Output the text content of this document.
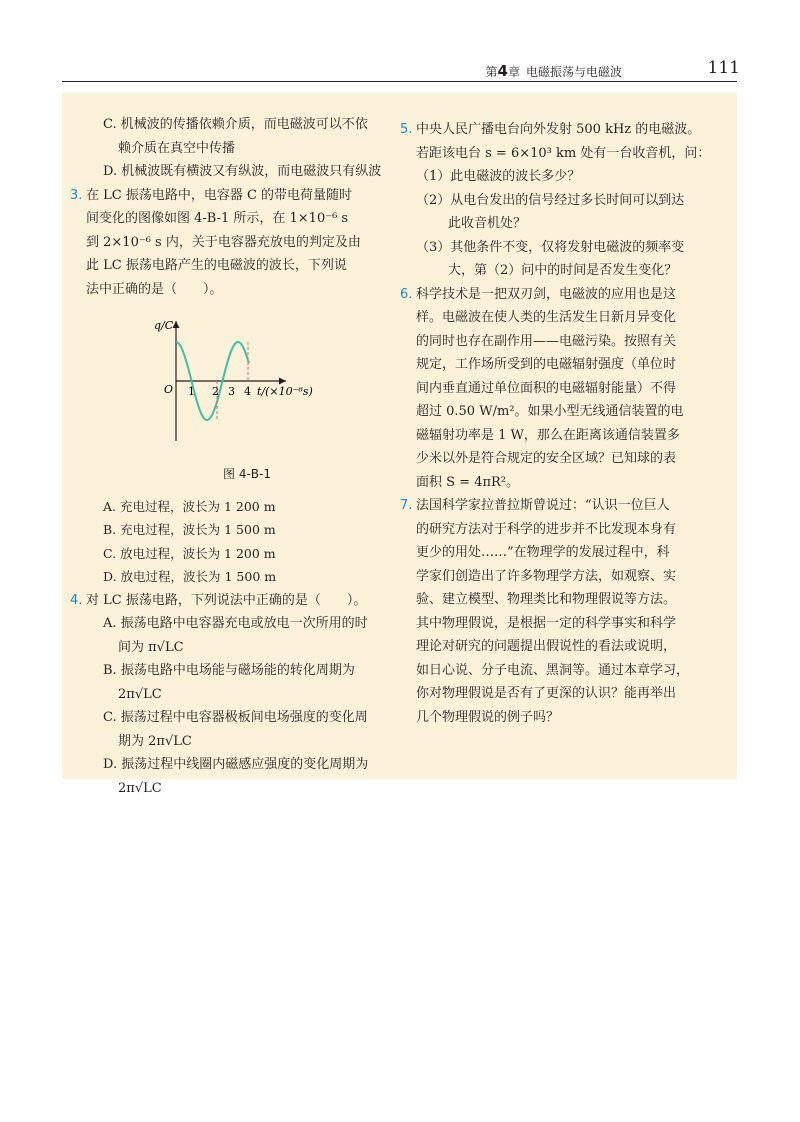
第4章 电磁振荡与电磁波	111
C. 机械波的传播依赖介质，而电磁波可以不依
赖介质在真空中传播
D. 机械波既有横波又有纵波，而电磁波只有纵波
3. 在 LC 振荡电路中，电容器 C 的带电荷量随时
间变化的图像如图 4-B-1 所示，在 1×10⁻⁶ s
到 2×10⁻⁶ s 内，关于电容器充放电的判定及由
此 LC 振荡电路产生的电磁波的波长，下列说
法中正确的是（　　）。
q/C
O 1 2 3 4 t/(×10⁻⁶s)
图 4-B-1
A. 充电过程，波长为 1 200 m
B. 充电过程，波长为 1 500 m
C. 放电过程，波长为 1 200 m
D. 放电过程，波长为 1 500 m
4. 对 LC 振荡电路，下列说法中正确的是（　　）。
A. 振荡电路中电容器充电或放电一次所用的时
间为 π√LC
B. 振荡电路中电场能与磁场能的转化周期为
2π√LC
C. 振荡过程中电容器极板间电场强度的变化周
期为 2π√LC
D. 振荡过程中线圈内磁感应强度的变化周期为
2π√LC
5. 中央人民广播电台向外发射 500 kHz 的电磁波。
若距该电台 s = 6×10³ km 处有一台收音机，问：
（1）此电磁波的波长多少？
（2）从电台发出的信号经过多长时间可以到达
此收音机处？
（3）其他条件不变，仅将发射电磁波的频率变
大，第（2）问中的时间是否发生变化？
6. 科学技术是一把双刃剑，电磁波的应用也是这
样。电磁波在使人类的生活发生日新月异变化
的同时也存在副作用——电磁污染。按照有关
规定，工作场所受到的电磁辐射强度（单位时
间内垂直通过单位面积的电磁辐射能量）不得
超过 0.50 W/m²。如果小型无线通信装置的电
磁辐射功率是 1 W，那么在距离该通信装置多
少米以外是符合规定的安全区域？已知球的表
面积 S = 4πR²。
7. 法国科学家拉普拉斯曾说过：“认识一位巨人
的研究方法对于科学的进步并不比发现本身有
更少的用处……”在物理学的发展过程中，科
学家们创造出了许多物理学方法，如观察、实
验、建立模型、物理类比和物理假说等方法。
其中物理假说，是根据一定的科学事实和科学
理论对研究的问题提出假说性的看法或说明，
如日心说、分子电流、黑洞等。通过本章学习，
你对物理假说是否有了更深的认识？能再举出
几个物理假说的例子吗？
